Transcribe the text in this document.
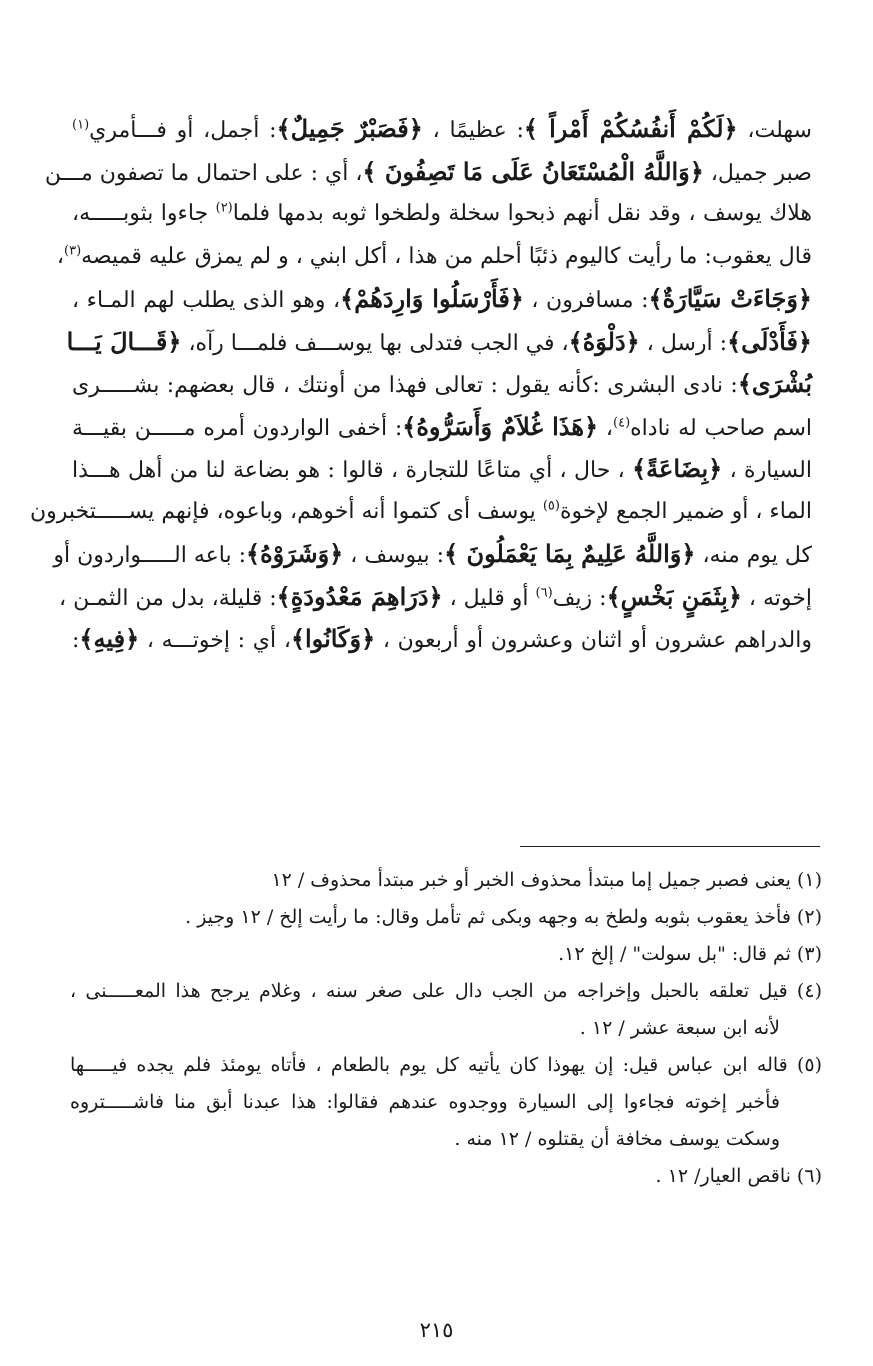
سهلت، ﴿لَكُمْ أَنفُسُكُمْ أَمْراً ﴾: عظيمًا ، ﴿فَصَبْرٌ جَمِيلٌ﴾: أجمل، أو فـــأمري$^{(١)}$
صبر جميل، ﴿وَاللَّهُ الْمُسْتَعَانُ عَلَى مَا تَصِفُونَ ﴾، أي : على احتمال ما تصفون مـــن
هلاك يوسف ، وقد نقل أنهم ذبحوا سخلة ولطخوا ثوبه بدمها فلما$^{(٢)}$ جاءوا بثوبـــــه،
قال يعقوب: ما رأيت كاليوم ذئبًا أحلم من هذا ، أكل ابني ، و لم يمزق عليه قميصه$^{(٣)}$،
﴿وَجَاءَتْ سَيَّارَةٌ﴾: مسافرون ، ﴿فَأَرْسَلُوا وَارِدَهُمْ﴾، وهو الذى يطلب لهم المـاء ،
﴿فَأَدْلَى﴾: أرسل ، ﴿دَلْوَهُ﴾، في الجب فتدلى بها يوســـف فلمـــا رآه، ﴿قَـــالَ يَـــا
بُشْرَى﴾: نادى البشرى :كأنه يقول : تعالى فهذا من أونتك ، قال بعضهم: بشـــــرى
اسم صاحب له ناداه$^{(٤)}$، ﴿هَذَا غُلاَمٌ وَأَسَرُّوهُ﴾: أخفى الواردون أمره مـــــن بقيـــة
السيارة ، ﴿بِضَاعَةً﴾ ، حال ، أي متاعًا للتجارة ، قالوا : هو بضاعة لنا من أهل هـــذا
الماء ، أو ضمير الجمع لإخوة$^{(٥)}$ يوسف أى كتموا أنه أخوهم، وباعوه، فإنهم يســـــتخبرون
كل يوم منه، ﴿وَاللَّهُ عَلِيمٌ بِمَا يَعْمَلُونَ ﴾: بيوسف ، ﴿وَشَرَوْهُ﴾: باعه الـــــواردون أو
إخوته ، ﴿بِثَمَنٍ بَخْسٍ﴾: زيف$^{(٦)}$ أو قليل ، ﴿دَرَاهِمَ مَعْدُودَةٍ﴾: قليلة، بدل من الثمـن ،
والدراهم عشرون أو اثنان وعشرون أو أربعون ، ﴿وَكَانُوا﴾، أي : إخوتـــه ، ﴿فِيهِ﴾:
(١) يعنى فصبر جميل إما مبتدأ محذوف الخبر أو خبر مبتدأ محذوف / ١٢
(٢) فأخذ يعقوب بثوبه ولطخ به وجهه وبكى ثم تأمل وقال: ما رأيت إلخ / ١٢ وجيز .
(٣) ثم قال: "بل سولت" / إلخ ١٢.
(٤) قيل تعلقه بالحبل وإخراجه من الجب دال على صغر سنه ، وغلام يرجح هذا المعـــــنى ،
لأنه ابن سبعة عشر / ١٢ .
(٥) قاله ابن عباس قيل: إن يهوذا كان يأتيه كل يوم بالطعام ، فأتاه يومئذ فلم يجده فيـــــها
فأخبر إخوته فجاءوا إلى السيارة ووجدوه عندهم فقالوا: هذا عبدنا أبق منا فاشـــــتروه
وسكت يوسف مخافة أن يقتلوه / ١٢ منه .
(٦) ناقص العيار/ ١٢ .
٢١٥
